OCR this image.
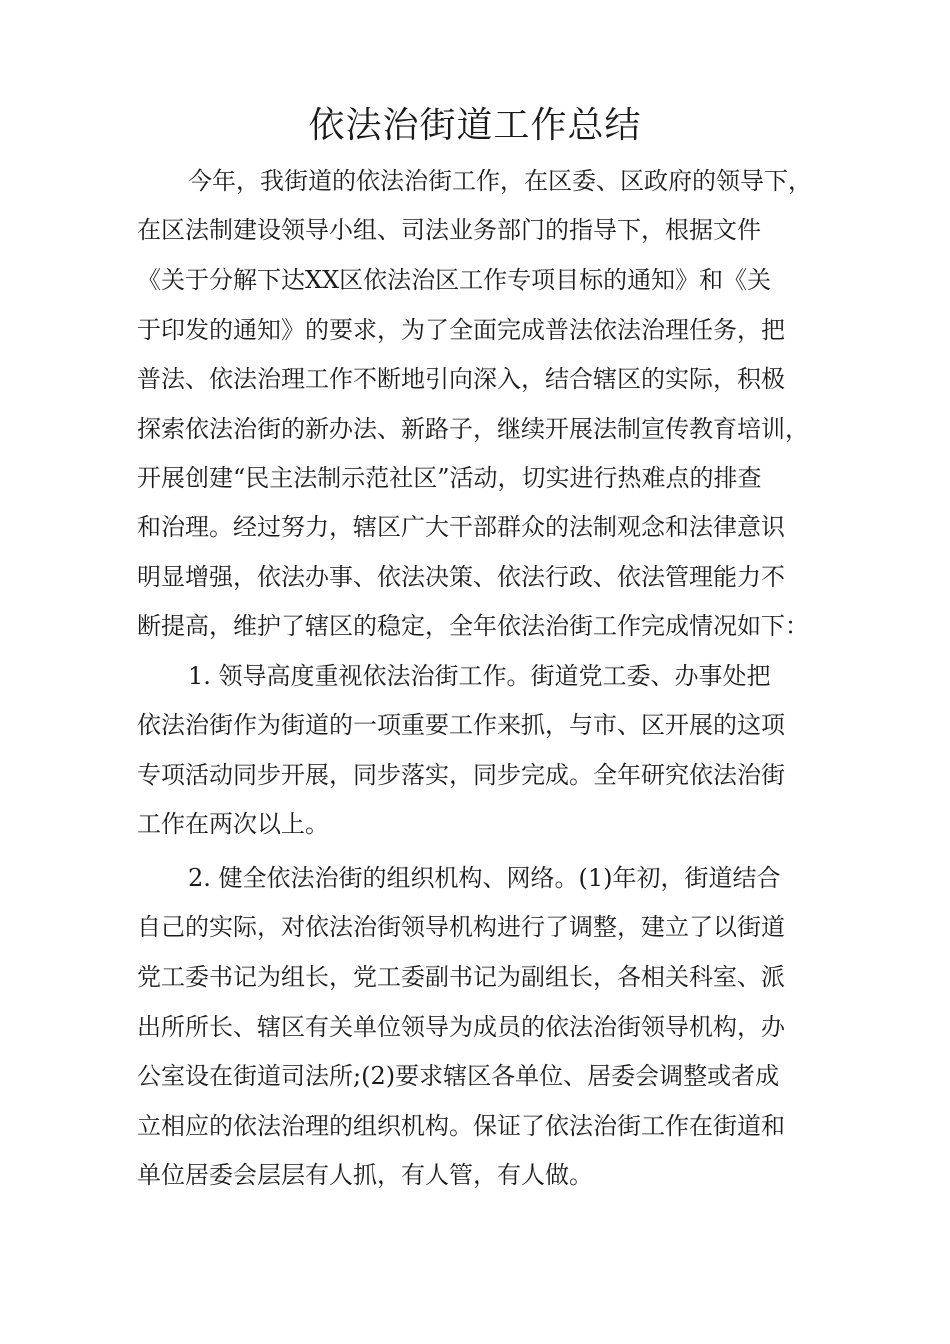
依法治街道工作总结

今年，我街道的依法治街工作，在区委、区政府的领导下，

在区法制建设领导小组、司法业务部门的指导下，根据文件

《关于分解下达XX区依法治区工作专项目标的通知》和《关

于印发的通知》的要求，为了全面完成普法依法治理任务，把

普法、依法治理工作不断地引向深入，结合辖区的实际，积极

探索依法治街的新办法、新路子，继续开展法制宣传教育培训，

开展创建“民主法制示范社区”活动，切实进行热难点的排查

和治理。经过努力，辖区广大干部群众的法制观念和法律意识

明显增强，依法办事、依法决策、依法行政、依法管理能力不

断提高，维护了辖区的稳定，全年依法治街工作完成情况如下：

1. 领导高度重视依法治街工作。街道党工委、办事处把

依法治街作为街道的一项重要工作来抓，与市、区开展的这项

专项活动同步开展，同步落实，同步完成。全年研究依法治街

工作在两次以上。

2. 健全依法治街的组织机构、网络。(1)年初，街道结合

自己的实际，对依法治街领导机构进行了调整，建立了以街道

党工委书记为组长，党工委副书记为副组长，各相关科室、派

出所所长、辖区有关单位领导为成员的依法治街领导机构，办

公室设在街道司法所;(2)要求辖区各单位、居委会调整或者成

立相应的依法治理的组织机构。保证了依法治街工作在街道和

单位居委会层层有人抓，有人管，有人做。
